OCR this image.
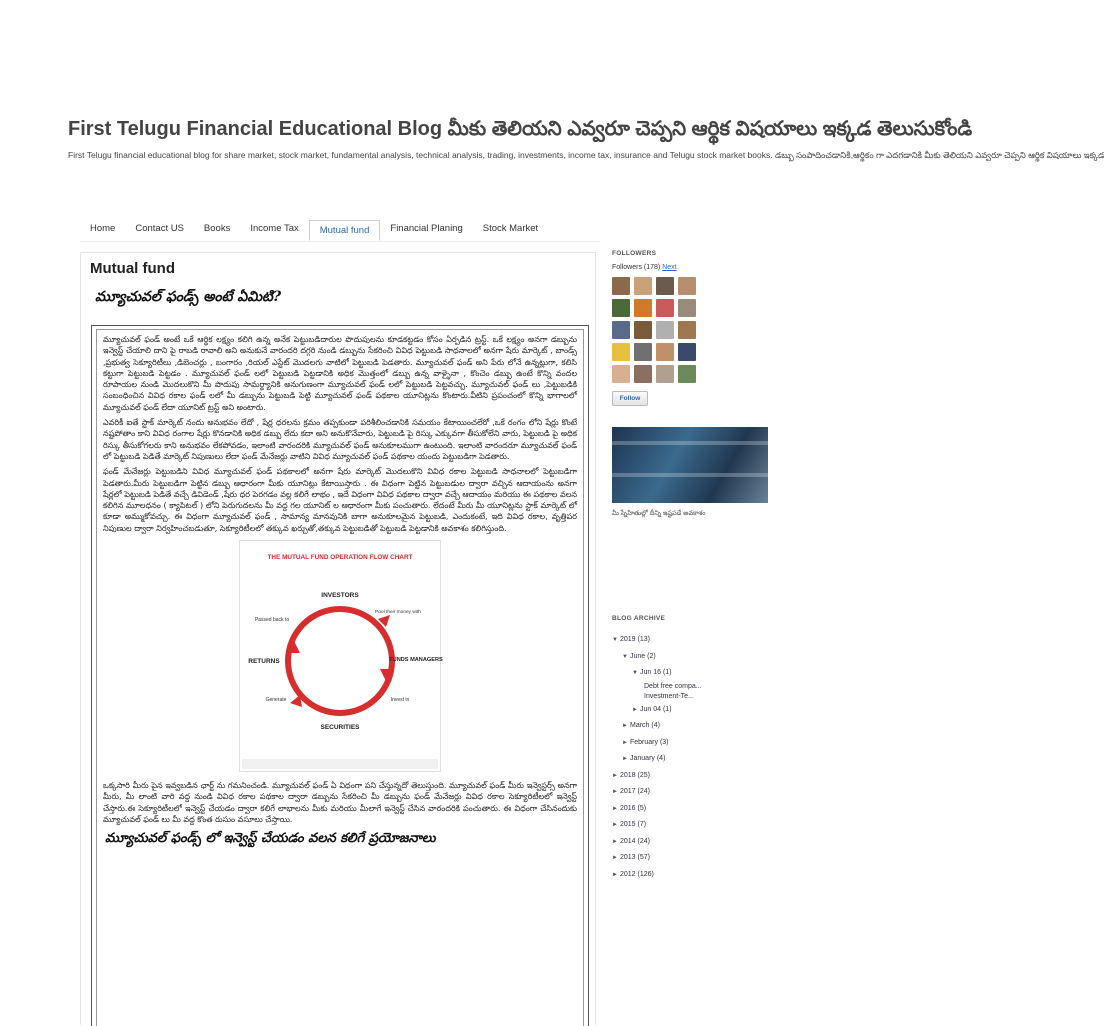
First Telugu Financial Educational Blog మీకు తెలియని ఎవ్వరూ చెప్పని ఆర్థిక విషయాలు ఇక్కడ తెలుసుకోండి
First Telugu financial educational blog for share market, stock market, fundamental analysis, technical analysis, trading, investments, income tax, insurance and Telugu stock market books. డబ్బు సంపాదించడానికి,ఆర్థికం గా ఎదగడానికి మీకు తెలియని ఎవ్వరూ చెప్పని ఆర్థిక విషయాలు ఇక్కడ
Home	Contact US	Books	Income Tax	Mutual fund	Financial Planing	Stock Market
Mutual fund
మ్యూచువల్ ఫండ్స్ అంటే ఏమిటి?

మ్యూచువల్ ఫండ్ అంటే ఒకే ఆర్థిక లక్ష్యం కలిగి ఉన్న అనేక పెట్టుబడిదారుల పొదుపులను కూడకట్టడం కోసం ఏర్పడిన ట్రస్ట్. ఒకే లక్ష్యం అనగా డబ్బును ఇన్వెస్ట్ చేయాలి దాని పై రాబడి రావాలి అని అనుకునే వారందరి దగ్గరి నుండి డబ్బును సేకరించి వివిధ పెట్టుబడి సాధనాలలో అనగా షేరు మార్కెట్ , బాండ్స్ ,ప్రభుత్వ సెక్యూరిటీలు ,డిబెంచర్లు , బంగారం ,రియల్ ఎస్టేట్ మొదలగు వాటిలో పెట్టుబడి పెడతారు. మ్యూచువల్ ఫండ్ అని పేరు లోనే ఉన్నట్లుగా, కలిసి కట్టుగా పెట్టుబడి పెట్టడం . మ్యూచువల్ ఫండ్ లలో పెట్టుబడి పెట్టడానికి అధిక మొత్తంలో డబ్బు ఉన్న వాళ్ళైనా , కొంచెం డబ్బు ఉంటే కొన్ని వందల రూపాయల నుండి మొదలుకొని మీ పొదుపు సామర్థ్యానికి అనుగుణంగా మ్యూచువల్ ఫండ్ లలో పెట్టుబడి పెట్టవచ్చు. మ్యూచువల్ ఫండ్ లు ,పెట్టుబడికి సంబంధించిన వివిధ రకాల ఫండ్ లలో మీ డబ్బును పెట్టుబడి పెట్టి మ్యూచువల్ ఫండ్ పథకాల యూనిట్లను కొంటారు.వీటిని ప్రపంచంలో కొన్ని భాగాలలో మ్యూచువల్ ఫండ్ లేదా యూనిట్ ట్రస్ట్ అని అంటారు.

ఎవరికీ ఐతే స్టాక్ మార్కెట్ నందు అనుభవం లేదో , షేర్ల ధరలను క్రమం తప్పకుండా పరిశీలించడానికి సమయం కేటాయించలేరో ,ఒకే రంగం లోని షేర్లు కొంటే నష్టపోతాం కాని వివిధ రంగాల షేర్లు కొనడానికి అధిక డబ్బు లేదు కదా అని అనుకొనేవారు, పెట్టుబడి పై రిస్కు ఎక్కువగా తీసుకోలేని వారు, పెట్టుబడి పై అధిక రిస్కు తీసుకోగలరు కాని అనుభవం లేకపోవడం, ఇలాంటి వారందరికి మ్యూచువల్ ఫండ్ అనుకూలముగా ఉంటుంది. ఇలాంటి వారందరూ మ్యూచువల్ ఫండ్ లో పెట్టుబడి పెడితే మార్కెట్ నిపుణులు లేదా ఫండ్ మేనేజర్లు వాటిని వివిధ మ్యూచువల్ ఫండ్ పథకాల యందు పెట్టుబడిగా పెడతారు.

ఫండ్ మేనేజర్లు పెట్టుబడిని వివిధ మ్యూచువల్ ఫండ్ పథకాలలో అనగా షేరు మార్కెట్ మొదలుకొని వివిధ రకాల పెట్టుబడి సాధనాలలో పెట్టుబడిగా పెడతారు.మీరు పెట్టుబడిగా పెట్టిన డబ్బు ఆధారంగా మీకు యూనిట్లు కేటాయిస్తారు . ఈ విధంగా పెట్టిన పెట్టుబడుల ద్వారా వచ్చిన ఆదాయంను అనగా షేర్లలో పెట్టుబడి పెడితే వచ్చే డివిడెండ్ ,షేరు ధర పెరగడం వల్ల కలిగే లాభం , ఇదే విధంగా వివిధ పథకాల ద్వారా వచ్చే ఆదాయం మరియు ఈ పథకాల వలన కలిగిన మూలధనం ( క్యాపిటల్ ) లోని పెరుగుదలను మీ వద్ద గల యూనిట్ ల ఆధారంగా మీకు పంచుతారు. లేదంటే మీరు మీ యూనిట్లను స్టాక్ మార్కెట్ లో కూడా అమ్ముకోవచ్చు. ఈ విధంగా మ్యూచువల్ ఫండ్ , సామాన్య మానవునికి బాగా అనుకూలమైన పెట్టుబడి, ఎందుకంటే, ఇది వివిధ రకాల, వృత్తిపర నిపుణుల ద్వారా నిర్వహించబడుతూ, సెక్యూరిటీలలో తక్కువ ఖర్చుతో,తక్కువ పెట్టుబడితో పెట్టుబడి పెట్టడానికి అవకాశం కలిగిస్తుంది.

THE MUTUAL FUND OPERATION FLOW CHART
INVESTORS
SECURITIES
RETURNS	FUNDS MANAGERS
Pool their money with
Invest in
Generate
Passed back to

ఒక్కసారి మీరు పైన ఇవ్వబడిన ఛార్ట్ ను గమనించండి. మ్యూచువల్ ఫండ్ ఏ విధంగా పని చేస్తున్నదో తెలుస్తుంది. మ్యూచువల్ ఫండ్ మీరు ఇన్వెస్టర్స్ అనగా మీరు, మీ లాంటి వారి వద్ద నుండి వివిధ రకాల పథకాల ద్వారా డబ్బును సేకరించి మీ డబ్బును ఫండ్ మేనేజర్లు వివిధ రకాల సెక్యూరిటీలలో ఇన్వెస్ట్ చేస్తారు.ఈ సెక్యూరిటీలలో ఇన్వెస్ట్ చేయడం ద్వారా కలిగే లాభాలను మీకు మరియు మీలాగే ఇన్వెస్ట్ చేసిన వారందరికి పంచుతారు. ఈ విధంగా చేసినందుకు మ్యూచువల్ ఫండ్ లు మీ వద్ద కొంత రుసుం వసూలు చేస్తాయి.

మ్యూచువల్ ఫండ్స్ లో ఇన్వెస్ట్ చేయడం వలన కలిగే ప్రయోజనాలు
FOLLOWERS
Followers (178) Next
Follow
మీ స్నేహితుల్లో దీన్ని ఇష్టపడే అవకాశం
BLOG ARCHIVE
▼ 2019 (13)
▼ June (2)
▼ Jun 16 (1)
Debt free compa...
Investment-Te...
► Jun 04 (1)
► March (4)
► February (3)
► January (4)
► 2018 (25)
► 2017 (24)
► 2016 (5)
► 2015 (7)
► 2014 (24)
► 2013 (57)
► 2012 (126)
